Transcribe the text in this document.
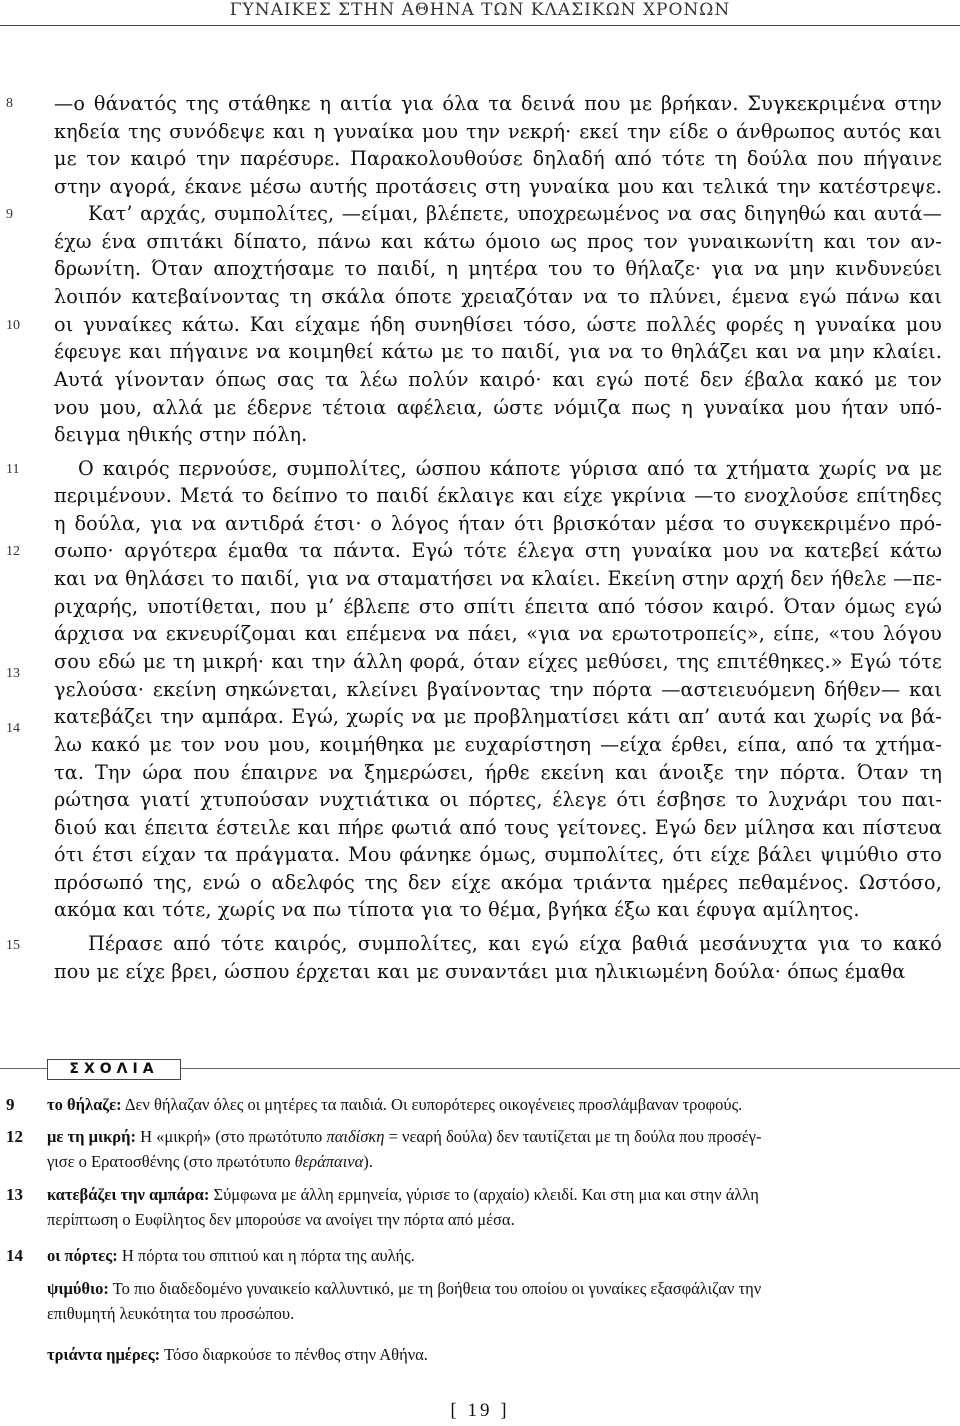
ΓΥΝΑΙΚΕΣ ΣΤΗΝ ΑΘΗΝΑ ΤΩΝ ΚΛΑΣΙΚΩΝ ΧΡΟΝΩΝ
—ο θάνατός της στάθηκε η αιτία για όλα τα δεινά που με βρήκαν. Συγκεκριμένα στην
κηδεία της συνόδεψε και η γυναίκα μου την νεκρή· εκεί την είδε ο άνθρωπος αυτός και
με τον καιρό την παρέσυρε. Παρακολουθούσε δηλαδή από τότε τη δούλα που πήγαινε
στην αγορά, έκανε μέσω αυτής προτάσεις στη γυναίκα μου και τελικά την κατέστρεψε.
Κατ’ αρχάς, συμπολίτες, —είμαι, βλέπετε, υποχρεωμένος να σας διηγηθώ και αυτά—
έχω ένα σπιτάκι δίπατο, πάνω και κάτω όμοιο ως προς τον γυναικωνίτη και τον αν-
δρωνίτη. Όταν αποχτήσαμε το παιδί, η μητέρα του το θήλαζε· για να μην κινδυνεύει
λοιπόν κατεβαίνοντας τη σκάλα όποτε χρειαζόταν να το πλύνει, έμενα εγώ πάνω και
οι γυναίκες κάτω. Και είχαμε ήδη συνηθίσει τόσο, ώστε πολλές φορές η γυναίκα μου
έφευγε και πήγαινε να κοιμηθεί κάτω με το παιδί, για να το θηλάζει και να μην κλαίει.
Αυτά γίνονταν όπως σας τα λέω πολύν καιρό· και εγώ ποτέ δεν έβαλα κακό με τον
νου μου, αλλά με έδερνε τέτοια αφέλεια, ώστε νόμιζα πως η γυναίκα μου ήταν υπό-
δειγμα ηθικής στην πόλη.
Ο καιρός περνούσε, συμπολίτες, ώσπου κάποτε γύρισα από τα χτήματα χωρίς να με
περιμένουν. Μετά το δείπνο το παιδί έκλαιγε και είχε γκρίνια —το ενοχλούσε επίτηδες
η δούλα, για να αντιδρά έτσι· ο λόγος ήταν ότι βρισκόταν μέσα το συγκεκριμένο πρό-
σωπο· αργότερα έμαθα τα πάντα. Εγώ τότε έλεγα στη γυναίκα μου να κατεβεί κάτω
και να θηλάσει το παιδί, για να σταματήσει να κλαίει. Εκείνη στην αρχή δεν ήθελε —πε-
ριχαρής, υποτίθεται, που μ’ έβλεπε στο σπίτι έπειτα από τόσον καιρό. Όταν όμως εγώ
άρχισα να εκνευρίζομαι και επέμενα να πάει, «για να ερωτοτροπείς», είπε, «του λόγου
σου εδώ με τη μικρή· και την άλλη φορά, όταν είχες μεθύσει, της επιτέθηκες.» Εγώ τότε
γελούσα· εκείνη σηκώνεται, κλείνει βγαίνοντας την πόρτα —αστειευόμενη δήθεν— και
κατεβάζει την αμπάρα. Εγώ, χωρίς να με προβληματίσει κάτι απ’ αυτά και χωρίς να βά-
λω κακό με τον νου μου, κοιμήθηκα με ευχαρίστηση —είχα έρθει, είπα, από τα χτήμα-
τα. Την ώρα που έπαιρνε να ξημερώσει, ήρθε εκείνη και άνοιξε την πόρτα. Όταν τη
ρώτησα γιατί χτυπούσαν νυχτιάτικα οι πόρτες, έλεγε ότι έσβησε το λυχνάρι του παι-
διού και έπειτα έστειλε και πήρε φωτιά από τους γείτονες. Εγώ δεν μίλησα και πίστευα
ότι έτσι είχαν τα πράγματα. Μου φάνηκε όμως, συμπολίτες, ότι είχε βάλει ψιμύθιο στο
πρόσωπό της, ενώ ο αδελφός της δεν είχε ακόμα τριάντα ημέρες πεθαμένος. Ωστόσο,
ακόμα και τότε, χωρίς να πω τίποτα για το θέμα, βγήκα έξω και έφυγα αμίλητος.
Πέρασε από τότε καιρός, συμπολίτες, και εγώ είχα βαθιά μεσάνυχτα για το κακό
που με είχε βρει, ώσπου έρχεται και με συναντάει μια ηλικιωμένη δούλα· όπως έμαθα
8
9
10
11
12
13
14
15
ΣΧΟΛΙΑ
9 το θήλαζε: Δεν θήλαζαν όλες οι μητέρες τα παιδιά. Οι ευπορότερες οικογένειες προσλάμβαναν τροφούς.
12 με τη μικρή: Η «μικρή» (στο πρωτότυπο παιδίσκη = νεαρή δούλα) δεν ταυτίζεται με τη δούλα που προσέγ-
γισε ο Ερατοσθένης (στο πρωτότυπο θεράπαινα).
13 κατεβάζει την αμπάρα: Σύμφωνα με άλλη ερμηνεία, γύρισε το (αρχαίο) κλειδί. Και στη μια και στην άλλη
περίπτωση ο Ευφίλητος δεν μπορούσε να ανοίγει την πόρτα από μέσα.
14 οι πόρτες: Η πόρτα του σπιτιού και η πόρτα της αυλής.
ψιμύθιο: Το πιο διαδεδομένο γυναικείο καλλυντικό, με τη βοήθεια του οποίου οι γυναίκες εξασφάλιζαν την
επιθυμητή λευκότητα του προσώπου.
τριάντα ημέρες: Τόσο διαρκούσε το πένθος στην Αθήνα.
[ 19 ]
